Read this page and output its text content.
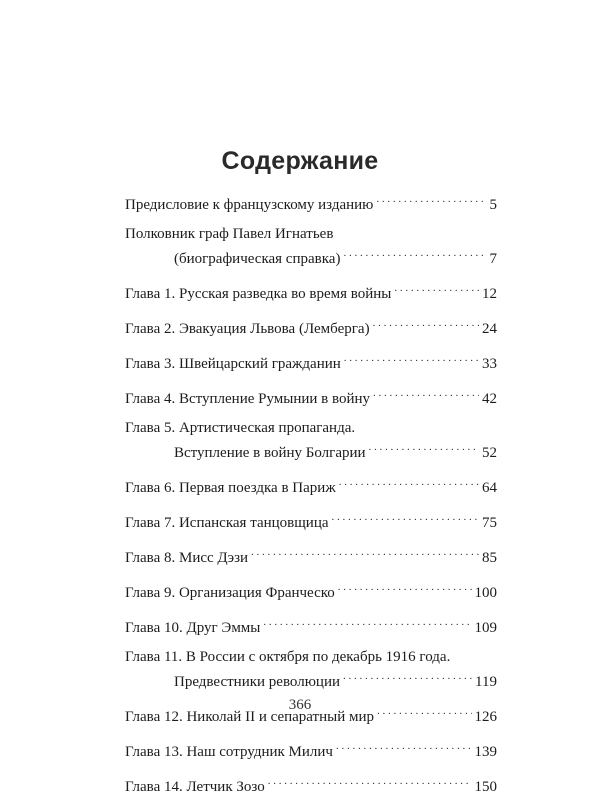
Содержание
Предисловие к французскому изданию . . .	5
Полковник граф Павел Игнатьев
(биографическая справка) . . .	7
Глава 1. Русская разведка во время войны . . .	12
Глава 2. Эвакуация Львова (Лемберга) . . .	24
Глава 3. Швейцарский гражданин . . .	33
Глава 4. Вступление Румынии в войну . . .	42
Глава 5. Артистическая пропаганда.
Вступление в войну Болгарии . . .	52
Глава 6. Первая поездка в Париж . . .	64
Глава 7. Испанская танцовщица . . .	75
Глава 8. Мисс Дэзи . . .	85
Глава 9. Организация Франческо . . .	100
Глава 10. Друг Эммы . . .	109
Глава 11. В России с октября по декабрь 1916 года.
Предвестники революции . . .	119
Глава 12. Николай II и сепаратный мир . . .	126
Глава 13. Наш сотрудник Милич . . .	139
Глава 14. Летчик Зозо . . .	150
366
